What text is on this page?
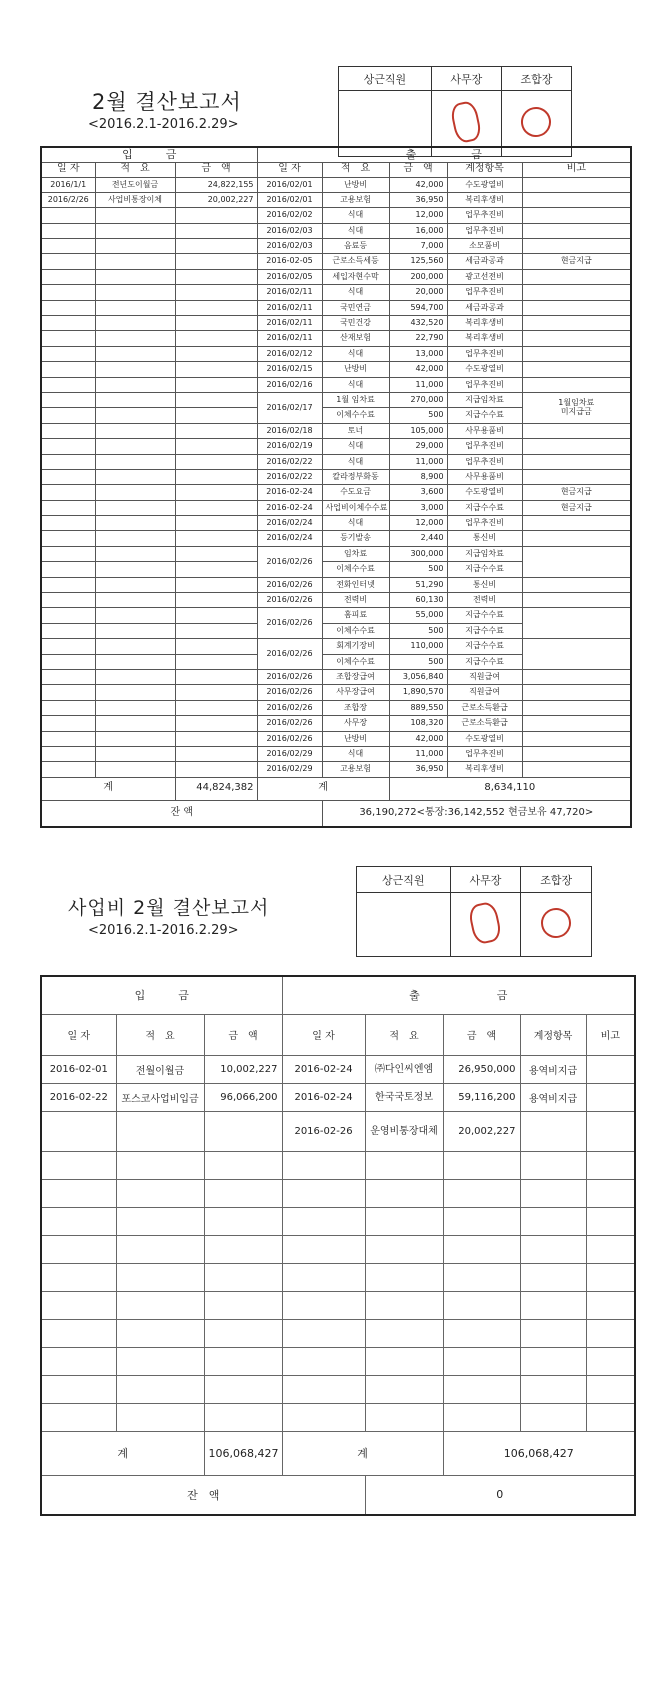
2월 결산보고서
<2016.2.1-2016.2.29>
상근직원	사무장	조합장

입　　　금			출　　　　　금				
일 자	적　요	금　액	일 자	적　요	금　액	계정항목	비고
2016/1/1	전년도이월금	24,822,155	2016/02/01	난방비	42,000	수도광열비	
2016/2/26	사업비통장이체	20,002,227	2016/02/01	고용보험	36,950	복리후생비	
			2016/02/02	식대	12,000	업무추진비	
			2016/02/03	식대	16,000	업무추진비	
			2016/02/03	음료등	7,000	소모품비	
			2016-02-05	근로소득세등	125,560	세금과공과	현금지급
			2016/02/05	세입자현수막	200,000	광고선전비	
			2016/02/11	식대	20,000	업무추진비	
			2016/02/11	국민연금	594,700	세금과공과	
			2016/02/11	국민건강	432,520	복리후생비	
			2016/02/11	산재보험	22,790	복리후생비	
			2016/02/12	식대	13,000	업무추진비	
			2016/02/15	난방비	42,000	수도광열비	
			2016/02/16	식대	11,000	업무추진비	
			2016/02/17	1월 임차료	270,000	지급임차료	1월임차료
미지급금
				이체수수료	500	지급수수료	
			2016/02/18	토너	105,000	사무용품비	
			2016/02/19	식대	29,000	업무추진비	
			2016/02/22	식대	11,000	업무추진비	
			2016/02/22	칼라정부화동	8,900	사무용품비	
			2016-02-24	수도요금	3,600	수도광열비	현금지급
			2016-02-24	사업비이체수수료	3,000	지급수수료	현금지급
			2016/02/24	식대	12,000	업무추진비	
			2016/02/24	등기발송	2,440	통신비	
			2016/02/26	임차료	300,000	지급임차료	
				이체수수료	500	지급수수료	
			2016/02/26	전화인터넷	51,290	통신비	
			2016/02/26	전력비	60,130	전력비	
			2016/02/26	홈피료	55,000	지급수수료	
				이체수수료	500	지급수수료	
			2016/02/26	회계기장비	110,000	지급수수료	
				이체수수료	500	지급수수료	
			2016/02/26	조합장급여	3,056,840	직원급여	
			2016/02/26	사무장급여	1,890,570	직원급여	
			2016/02/26	조합장	889,550	근로소득환급	
			2016/02/26	사무장	108,320	근로소득환급	
			2016/02/26	난방비	42,000	수도광열비	
			2016/02/29	식대	11,000	업무추진비	
			2016/02/29	고용보험	36,950	복리후생비	
계		44,824,382	계		8,634,110		
잔 액				36,190,272<통장:36,142,552 현금보유 47,720>			
사업비 2월 결산보고서
<2016.2.1-2016.2.29>
상근직원	사무장	조합장

입　　　금			출　　　　　　　금				
일 자	적　요	금　액	일 자	적　요	금　액	계정항목	비고
2016-02-01	전월이월금	10,002,227	2016-02-24	㈜다인씨엔엠	26,950,000	용역비지급	
2016-02-22	포스코사업비입금	96,066,200	2016-02-24	한국국토정보	59,116,200	용역비지급	
			2016-02-26	운영비통장대체	20,002,227		

계		106,068,427	계		106,068,427		
잔　액				0			
